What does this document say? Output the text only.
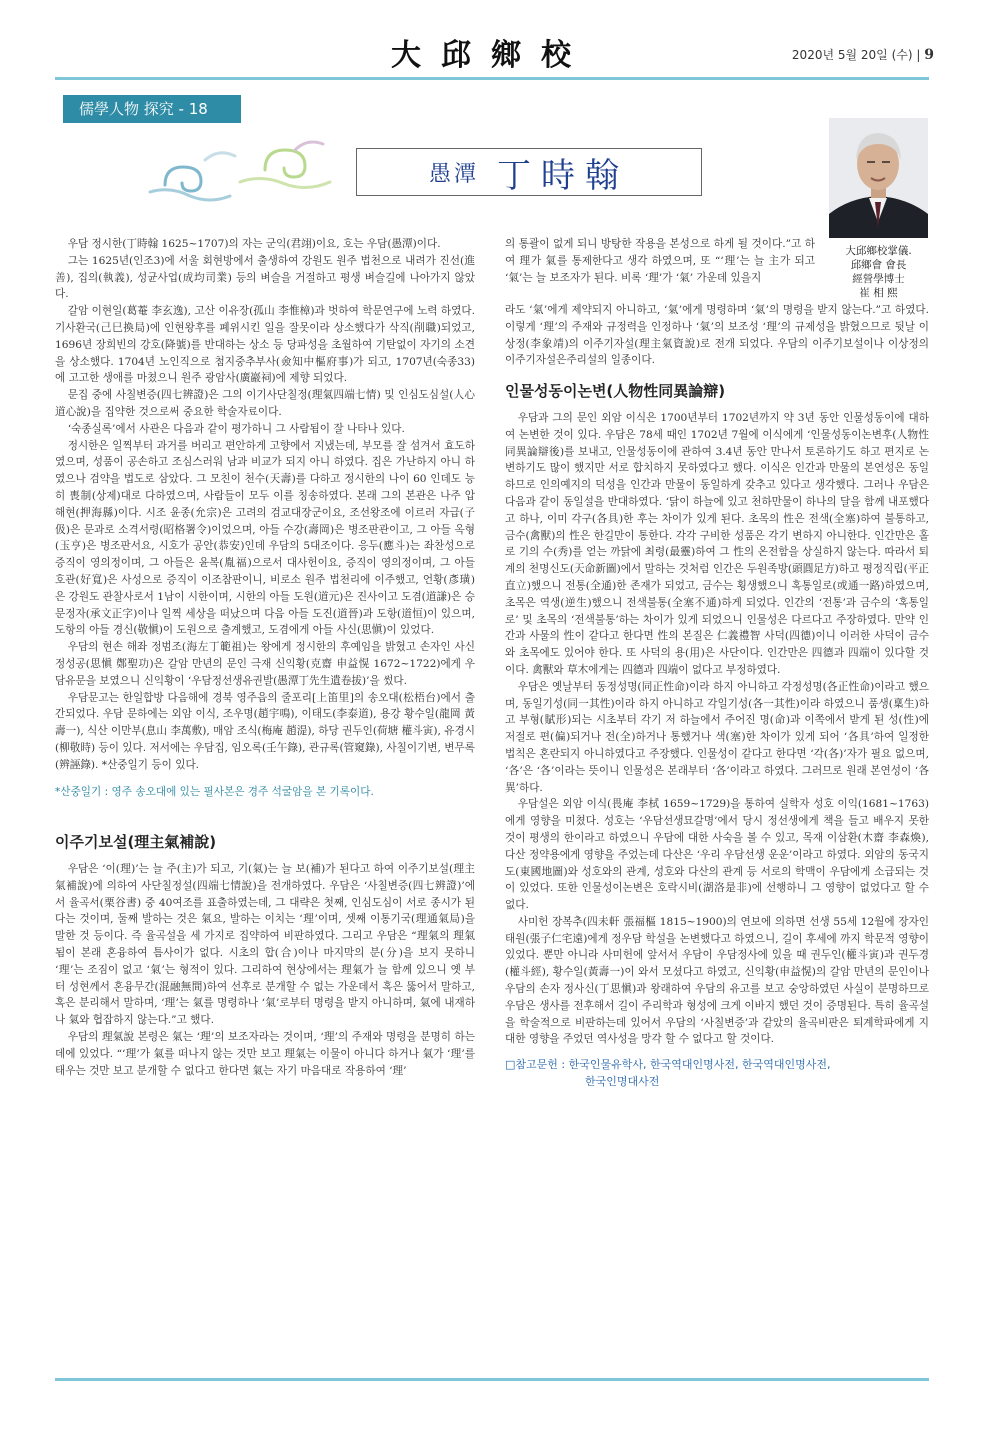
大邱鄉校	2020년 5월 20일 (수) | 9
儒學人物 探究 - 18
愚潭 丁時翰
大邱鄉校掌儀.
邱鄉會 會長
經營學博士
崔 相 熙

우담 정시한(丁時翰 1625~1707)의 자는 군익(君翊)이요, 호는 우담(愚潭)이다.

그는 1625년(인조3)에 서울 회현방에서 출생하여 강원도 원주 법천으로 내려가 진선(進善), 집의(執義), 성균사업(成均司業) 등의 벼슬을 거절하고 평생 벼슬길에 나아가지 않았다.

갈암 이현일(葛菴 李玄逸), 고산 이유장(孤山 李惟樟)과 벗하여 학문연구에 노력 하였다. 기사환국(己巳換局)에 인현왕후를 폐위시킨 일을 잘못이라 상소했다가 삭직(削職)되었고, 1696년 장희빈의 강호(降號)를 반대하는 상소 등 당파성을 초월하여 기탄없이 자기의 소견을 상소했다. 1704년 노인직으로 첨지중추부사(僉知中樞府事)가 되고, 1707년(숙종33)에 고고한 생애를 마쳤으니 원주 광암사(廣巖祠)에 제향 되었다.

문집 중에 사칠변증(四七辨證)은 그의 이기사단칠정(理氣四端七情) 및 인심도심설(人心道心說)을 집약한 것으로써 중요한 학술자료이다.

‘숙종실록’에서 사관은 다음과 같이 평가하니 그 사람됨이 잘 나타나 있다.

정시한은 일찍부터 과거를 버리고 편안하게 고향에서 지냈는데, 부모를 잘 섬겨서 효도하였으며, 성품이 공손하고 조심스러워 남과 비교가 되지 아니 하였다. 집은 가난하지 아니 하였으나 검약을 법도로 삼았다. 그 모친이 천수(天壽)를 다하고 정시한의 나이 60 인데도 능히 喪制(상제)대로 다하였으며, 사람들이 모두 이를 칭송하였다. 본래 그의 본관은 나주 압해현(押海縣)이다. 시조 윤종(允宗)은 고려의 검교대장군이요, 조선왕조에 이르러 자급(子伋)은 문과로 소격서령(昭格署令)이었으며, 아들 수강(壽岡)은 병조판관이고, 그 아들 옥형(玉亨)은 병조판서요, 시호가 공안(恭安)인데 우담의 5대조이다. 응두(應斗)는 좌찬성으로 증직이 영의정이며, 그 아들은 윤복(胤福)으로서 대사헌이요, 증직이 영의정이며, 그 아들 호관(好寬)은 사성으로 증직이 이조참판이니, 비로소 원주 법천리에 이주했고, 언황(彥璜)은 강원도 관찰사로서 1남이 시한이며, 시한의 아들 도원(道元)은 진사이고 도겸(道謙)은 승문정자(承文正字)이나 일찍 세상을 떠났으며 다음 아들 도진(道晉)과 도항(道恒)이 있으며, 도항의 아들 경신(敬愼)이 도원으로 출계했고, 도겸에게 아들 사신(思愼)이 있었다.

우담의 현손 해좌 정범조(海左丁範祖)는 왕에게 정시한의 후예임을 밝혔고 손자인 사신 정성공(思愼 鄭聖功)은 갈암 만년의 문인 극재 신익황(克齋 申益愰 1672~1722)에게 우담유문을 보였으니 신익황이 ‘우담정선생유권발(愚潭丁先生遺卷拔)’을 썼다.

우담문고는 한일합방 다음해에 경북 영주읍의 줄포리[上笛里]의 송오대(松梧台)에서 출간되었다. 우담 문하에는 외암 이식, 조우명(趙宇鳴), 이태도(李泰道), 용강 황수일(龍岡 黃壽一), 식산 이만부(息山 李萬敷), 매암 조식(梅庵 趙湜), 하당 권두인(荷塘 權斗寅), 유경시(柳敬時) 등이 있다. 저서에는 우담집, 임오록(壬午錄), 관규록(管窺錄), 사칠이기변, 변무록(辨誣錄). *산중일기 등이 있다.

*산중일기 : 영주 송오대에 있는 필사본은 경주 석굴암을 본 기록이다.

이주기보설(理主氣補說)

우담은 ‘이(理)’는 늘 주(主)가 되고, 기(氣)는 늘 보(補)가 된다고 하여 이주기보설(理主氣補說)에 의하여 사단칠정설(四端七情說)을 전개하였다. 우담은 ‘사칠변증(四七辨證)’에서 율곡서(栗谷書) 중 40여조를 표출하였는데, 그 대략은 첫째, 인심도심이 서로 종시가 된다는 것이며, 둘째 발하는 것은 氣요, 발하는 이치는 ‘理’이며, 셋째 이통기국(理通氣局)을 말한 것 등이다. 즉 율곡설을 세 가지로 집약하여 비판하였다. 그리고 우담은 “理氣의 理氣됨이 본래 혼융하여 틈사이가 없다. 시초의 합(合)이나 마지막의 분(分)을 보지 못하니 ‘理’는 조짐이 없고 ‘氣’는 형적이 있다. 그리하여 현상에서는 理氣가 늘 함께 있으니 옛 부터 성현께서 혼융무간(混融無間)하여 선후로 분개할 수 없는 가운데서 혹은 뚫어서 말하고, 혹은 분리해서 말하며, ‘理’는 氣를 명령하나 ‘氣’로부터 명령을 받지 아니하며, 氣에 내재하나 氣와 협잡하지 않는다.”고 했다.

우담의 理氣說 본령은 氣는 ‘理’의 보조자라는 것이며, ‘理’의 주재와 명령을 분명히 하는 데에 있었다. “‘理’가 氣를 떠나지 않는 것만 보고 理氣는 이물이 아니다 하거나 氣가 ‘理’를 태우는 것만 보고 분개할 수 없다고 한다면 氣는 자기 마음대로 작용하여 ‘理’

의 통괄이 없게 되니 방탕한 작용을 본성으로 하게 될 것이다.”고 하여 理가 氣를 통제한다고 생각 하였으며, 또 “‘理’는 늘 主가 되고 ‘氣’는 늘 보조자가 된다. 비록 ‘理’가 ‘氣’ 가운데 있을지

라도 ‘氣’에게 제약되지 아니하고, ‘氣’에게 명령하며 ‘氣’의 명령을 받지 않는다.”고 하였다. 이렇게 ‘理’의 주재와 규정력을 인정하나 ‘氣’의 보조성 ‘理’의 규제성을 밝혔으므로 뒷날 이상정(李象靖)의 이주기자설(理主氣資說)로 전개 되었다. 우담의 이주기보설이나 이상정의 이주기자설은주리설의 일종이다.

인물성동이논변(人物性同異論辯)

우담과 그의 문인 외암 이식은 1700년부터 1702년까지 약 3년 동안 인물성동이에 대하여 논변한 것이 있다. 우담은 78세 때인 1702년 7월에 이식에게 ‘인물성동이논변후(人物性同異論辯後)를 보내고, 인물성동이에 관하여 3.4년 동안 만나서 토론하기도 하고 편지로 논변하기도 많이 했지만 서로 합치하지 못하였다고 했다. 이식은 인간과 만물의 본연성은 동일하므로 인의예지의 덕성을 인간과 만물이 동일하게 갖추고 있다고 생각했다. 그러나 우담은 다음과 같이 동일설을 반대하였다. ‘닭이 하늘에 있고 천하만물이 하나의 달을 함께 내포했다고 하나, 이미 각구(各具)한 후는 차이가 있게 된다. 초목의 性은 전색(全塞)하여 불통하고, 금수(禽獸)의 性은 한길만이 통한다. 각각 구비한 성품은 각기 변하지 아니한다. 인간만은 홀로 기의 수(秀)를 얻는 까닭에 최령(最靈)하여 그 性의 온전함을 상실하지 않는다. 따라서 퇴계의 천명신도(天命新圖)에서 말하는 것처럼 인간은 두원족방(頭圓足方)하고 평정직립(平正直立)했으니 전통(全通)한 존재가 되었고, 금수는 횡생했으니 혹통일로(或通一路)하였으며, 초목은 역생(逆生)했으니 전색불통(全塞不通)하게 되었다. 인간의 ‘전통’과 금수의 ‘혹통일로’ 및 초목의 ‘전색불통’하는 차이가 있게 되었으니 인물성은 다르다고 주장하였다. 만약 인간과 사물의 性이 같다고 한다면 性의 본질은 仁義禮智 사덕(四德)이니 이러한 사덕이 금수와 초목에도 있어야 한다. 또 사덕의 용(用)은 사단이다. 인간만은 四德과 四端이 있다할 것이다. 禽獸와 草木에게는 四德과 四端이 없다고 부정하였다.

우담은 옛날부터 동정성명(同正性命)이라 하지 아니하고 각정성명(各正性命)이라고 했으며, 동일기성(同一其性)이라 하지 아니하고 각일기성(各一其性)이라 하였으니 품생(稟生)하고 부형(賦形)되는 시초부터 각기 저 하늘에서 주어진 명(命)과 이쪽에서 받게 된 성(性)에 저절로 편(偏)되거나 전(全)하거나 통했거나 색(塞)한 차이가 있게 되어 ‘各具’하여 일정한 법칙은 혼란되지 아니하였다고 주장했다. 인물성이 같다고 한다면 ‘각(各)’자가 필요 없으며, ‘各’은 ‘各’이라는 뜻이니 인물성은 본래부터 ‘各’이라고 하였다. 그러므로 원래 본연성이 ‘各異’하다.

우담설은 외암 이식(畏庵 李栻 1659~1729)을 통하여 실학자 성호 이익(1681~1763)에게 영향을 미쳤다. 성호는 ‘우담선생묘갈명’에서 당시 정선생에게 책을 들고 배우지 못한 것이 평생의 한이라고 하였으니 우담에 대한 사숙을 볼 수 있고, 목재 이삼환(木齋 李森煥), 다산 정약용에게 영향을 주었는데 다산은 ‘우리 우담선생 운운’이라고 하였다. 외암의 동국지도(東國地圖)와 성호와의 관계, 성호와 다산의 관계 등 서로의 학맥이 우담에게 소급되는 것이 있었다. 또한 인물성이논변은 호락시비(湖洛是非)에 선행하니 그 영향이 없었다고 할 수 없다.

사미헌 장복추(四未軒 張福樞 1815~1900)의 연보에 의하면 선생 55세 12월에 장자인태원(張子仁宅遠)에게 정우담 학설을 논변했다고 하였으니, 길이 후세에 까지 학문적 영향이 있었다. 뿐만 아니라 사미헌에 앞서서 우담이 우담정사에 있을 때 권두인(權斗寅)과 권두경(權斗經), 황수일(黃壽一)이 와서 모셨다고 하였고, 신익황(申益愰)의 갈암 만년의 문인이나 우담의 손자 정사신(丁思愼)과 왕래하여 우담의 유고를 보고 숭앙하였던 사실이 분명하므로 우담은 생사를 전후해서 길이 주리학과 형성에 크게 이바지 했던 것이 증명된다. 특히 율곡설을 학술적으로 비판하는데 있어서 우담의 ‘사칠변증’과 같았의 율곡비판은 퇴계학파에게 지대한 영향을 주었던 역사성을 망각 할 수 없다고 할 것이다.

□참고문헌 : 한국인물유학사, 한국역대인명사전, 한국역대인명사전,
한국인명대사전
